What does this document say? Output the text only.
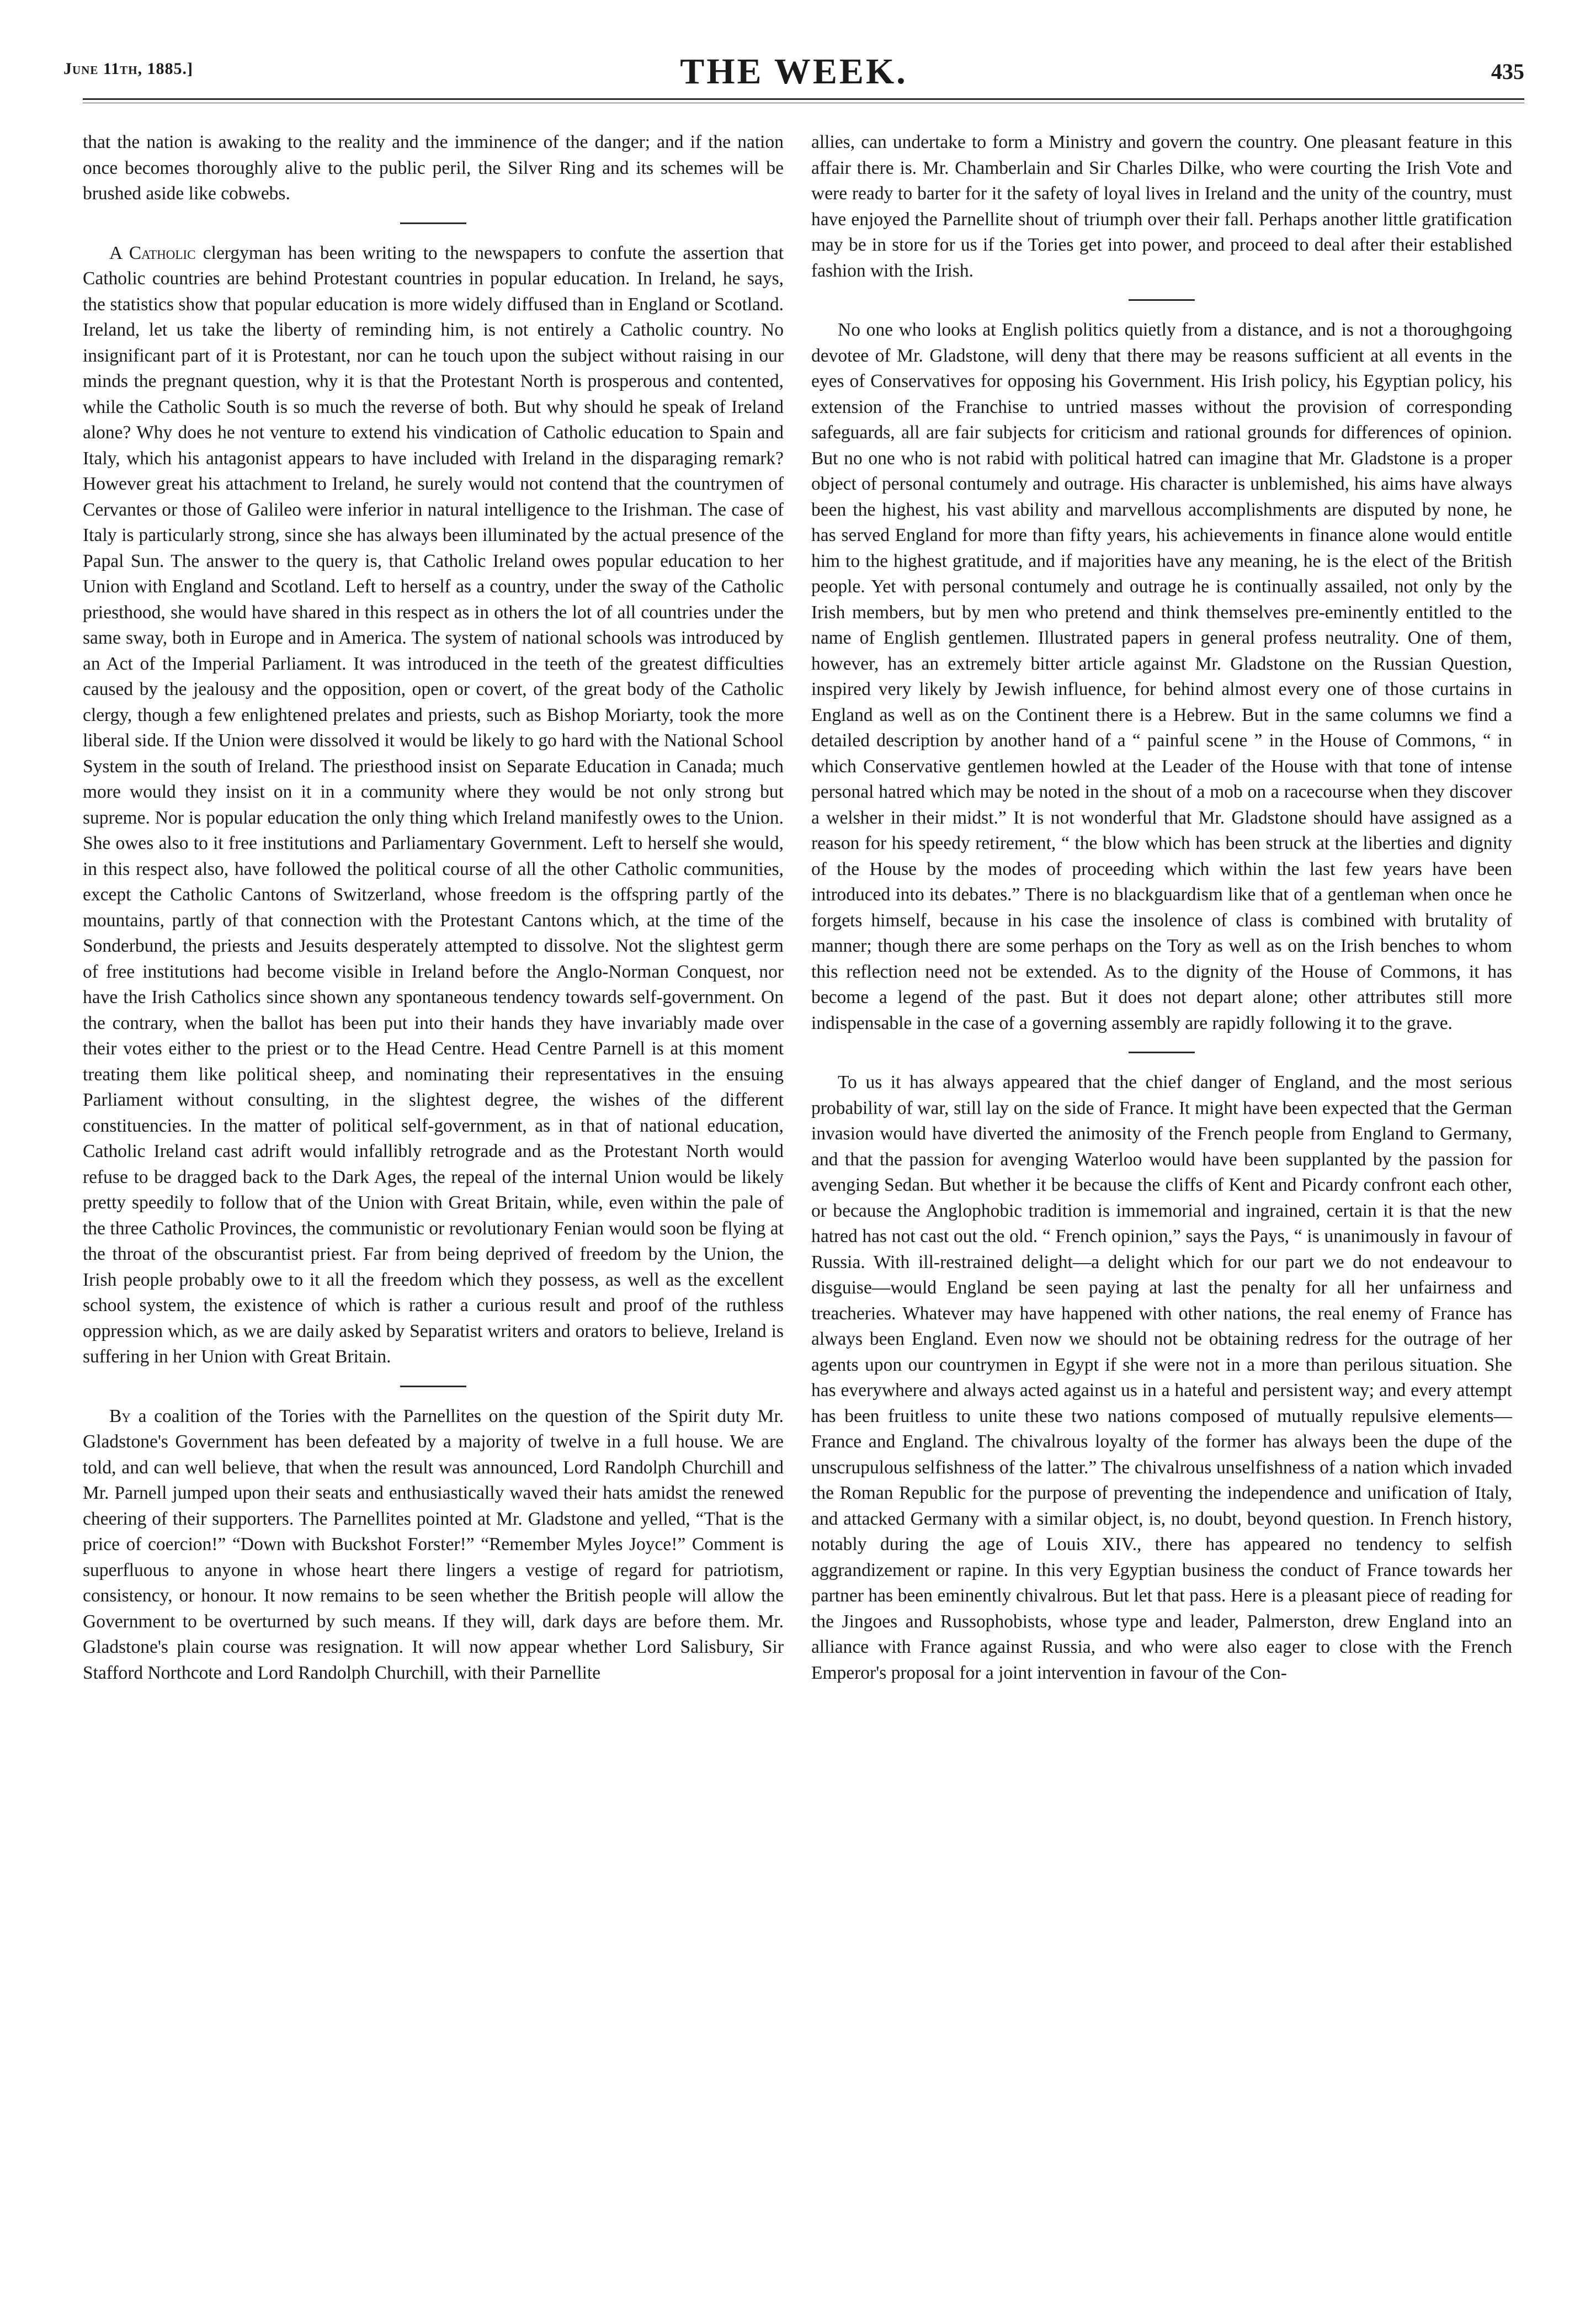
June 11th, 1885.]	THE WEEK.	435

that the nation is awaking to the reality and the imminence of the danger; and if the nation once becomes thoroughly alive to the public peril, the Silver Ring and its schemes will be brushed aside like cobwebs.

A Catholic clergyman has been writing to the newspapers to confute the assertion that Catholic countries are behind Protestant countries in popular education. In Ireland, he says, the statistics show that popular education is more widely diffused than in England or Scotland. Ireland, let us take the liberty of reminding him, is not entirely a Catholic country. No insignificant part of it is Protestant, nor can he touch upon the subject without raising in our minds the pregnant question, why it is that the Protestant North is prosperous and contented, while the Catholic South is so much the reverse of both. But why should he speak of Ireland alone? Why does he not venture to extend his vindication of Catholic education to Spain and Italy, which his antagonist appears to have included with Ireland in the disparaging remark? However great his attachment to Ireland, he surely would not contend that the countrymen of Cervantes or those of Galileo were inferior in natural intelligence to the Irishman. The case of Italy is particularly strong, since she has always been illuminated by the actual presence of the Papal Sun. The answer to the query is, that Catholic Ireland owes popular education to her Union with England and Scotland. Left to herself as a country, under the sway of the Catholic priesthood, she would have shared in this respect as in others the lot of all countries under the same sway, both in Europe and in America. The system of national schools was introduced by an Act of the Imperial Parliament. It was introduced in the teeth of the greatest difficulties caused by the jealousy and the opposition, open or covert, of the great body of the Catholic clergy, though a few enlightened prelates and priests, such as Bishop Moriarty, took the more liberal side. If the Union were dissolved it would be likely to go hard with the National School System in the south of Ireland. The priesthood insist on Separate Education in Canada; much more would they insist on it in a community where they would be not only strong but supreme. Nor is popular education the only thing which Ireland manifestly owes to the Union. She owes also to it free institutions and Parliamentary Government. Left to herself she would, in this respect also, have followed the political course of all the other Catholic communities, except the Catholic Cantons of Switzerland, whose freedom is the offspring partly of the mountains, partly of that connection with the Protestant Cantons which, at the time of the Sonderbund, the priests and Jesuits desperately attempted to dissolve. Not the slightest germ of free institutions had become visible in Ireland before the Anglo-Norman Conquest, nor have the Irish Catholics since shown any spontaneous tendency towards self-government. On the contrary, when the ballot has been put into their hands they have invariably made over their votes either to the priest or to the Head Centre. Head Centre Parnell is at this moment treating them like political sheep, and nominating their representatives in the ensuing Parliament without consulting, in the slightest degree, the wishes of the different constituencies. In the matter of political self-government, as in that of national education, Catholic Ireland cast adrift would infallibly retrograde and as the Protestant North would refuse to be dragged back to the Dark Ages, the repeal of the internal Union would be likely pretty speedily to follow that of the Union with Great Britain, while, even within the pale of the three Catholic Provinces, the communistic or revolutionary Fenian would soon be flying at the throat of the obscurantist priest. Far from being deprived of freedom by the Union, the Irish people probably owe to it all the freedom which they possess, as well as the excellent school system, the existence of which is rather a curious result and proof of the ruthless oppression which, as we are daily asked by Separatist writers and orators to believe, Ireland is suffering in her Union with Great Britain.

By a coalition of the Tories with the Parnellites on the question of the Spirit duty Mr. Gladstone's Government has been defeated by a majority of twelve in a full house. We are told, and can well believe, that when the result was announced, Lord Randolph Churchill and Mr. Parnell jumped upon their seats and enthusiastically waved their hats amidst the renewed cheering of their supporters. The Parnellites pointed at Mr. Gladstone and yelled, “That is the price of coercion!” “Down with Buckshot Forster!” “Remember Myles Joyce!” Comment is superfluous to anyone in whose heart there lingers a vestige of regard for patriotism, consistency, or honour. It now remains to be seen whether the British people will allow the Government to be overturned by such means. If they will, dark days are before them. Mr. Gladstone's plain course was resignation. It will now appear whether Lord Salisbury, Sir Stafford Northcote and Lord Randolph Churchill, with their Parnellite

allies, can undertake to form a Ministry and govern the country. One pleasant feature in this affair there is. Mr. Chamberlain and Sir Charles Dilke, who were courting the Irish Vote and were ready to barter for it the safety of loyal lives in Ireland and the unity of the country, must have enjoyed the Parnellite shout of triumph over their fall. Perhaps another little gratification may be in store for us if the Tories get into power, and proceed to deal after their established fashion with the Irish.

No one who looks at English politics quietly from a distance, and is not a thoroughgoing devotee of Mr. Gladstone, will deny that there may be reasons sufficient at all events in the eyes of Conservatives for opposing his Government. His Irish policy, his Egyptian policy, his extension of the Franchise to untried masses without the provision of corresponding safeguards, all are fair subjects for criticism and rational grounds for differences of opinion. But no one who is not rabid with political hatred can imagine that Mr. Gladstone is a proper object of personal contumely and outrage. His character is unblemished, his aims have always been the highest, his vast ability and marvellous accomplishments are disputed by none, he has served England for more than fifty years, his achievements in finance alone would entitle him to the highest gratitude, and if majorities have any meaning, he is the elect of the British people. Yet with personal contumely and outrage he is continually assailed, not only by the Irish members, but by men who pretend and think themselves pre-eminently entitled to the name of English gentlemen. Illustrated papers in general profess neutrality. One of them, however, has an extremely bitter article against Mr. Gladstone on the Russian Question, inspired very likely by Jewish influence, for behind almost every one of those curtains in England as well as on the Continent there is a Hebrew. But in the same columns we find a detailed description by another hand of a “ painful scene ” in the House of Commons, “ in which Conservative gentlemen howled at the Leader of the House with that tone of intense personal hatred which may be noted in the shout of a mob on a racecourse when they discover a welsher in their midst.” It is not wonderful that Mr. Gladstone should have assigned as a reason for his speedy retirement, “ the blow which has been struck at the liberties and dignity of the House by the modes of proceeding which within the last few years have been introduced into its debates.” There is no blackguardism like that of a gentleman when once he forgets himself, because in his case the insolence of class is combined with brutality of manner; though there are some perhaps on the Tory as well as on the Irish benches to whom this reflection need not be extended. As to the dignity of the House of Commons, it has become a legend of the past. But it does not depart alone; other attributes still more indispensable in the case of a governing assembly are rapidly following it to the grave.

To us it has always appeared that the chief danger of England, and the most serious probability of war, still lay on the side of France. It might have been expected that the German invasion would have diverted the animosity of the French people from England to Germany, and that the passion for avenging Waterloo would have been supplanted by the passion for avenging Sedan. But whether it be because the cliffs of Kent and Picardy confront each other, or because the Anglophobic tradition is immemorial and ingrained, certain it is that the new hatred has not cast out the old. “ French opinion,” says the Pays, “ is unanimously in favour of Russia. With ill-restrained delight—a delight which for our part we do not endeavour to disguise—would England be seen paying at last the penalty for all her unfairness and treacheries. Whatever may have happened with other nations, the real enemy of France has always been England. Even now we should not be obtaining redress for the outrage of her agents upon our countrymen in Egypt if she were not in a more than perilous situation. She has everywhere and always acted against us in a hateful and persistent way; and every attempt has been fruitless to unite these two nations composed of mutually repulsive elements—France and England. The chivalrous loyalty of the former has always been the dupe of the unscrupulous selfishness of the latter.” The chivalrous unselfishness of a nation which invaded the Roman Republic for the purpose of preventing the independence and unification of Italy, and attacked Germany with a similar object, is, no doubt, beyond question. In French history, notably during the age of Louis XIV., there has appeared no tendency to selfish aggrandizement or rapine. In this very Egyptian business the conduct of France towards her partner has been eminently chivalrous. But let that pass. Here is a pleasant piece of reading for the Jingoes and Russophobists, whose type and leader, Palmerston, drew England into an alliance with France against Russia, and who were also eager to close with the French Emperor's proposal for a joint intervention in favour of the Con-
